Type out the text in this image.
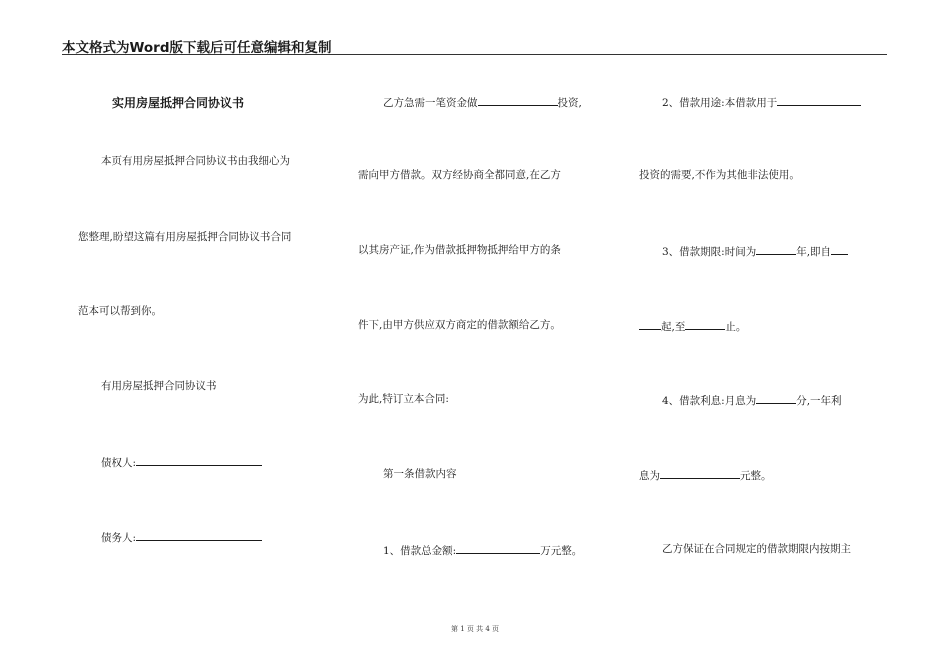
本文格式为Word版下载后可任意编辑和复制
实用房屋抵押合同协议书
本页有用房屋抵押合同协议书由我细心为
您整理,盼望这篇有用房屋抵押合同协议书合同
范本可以帮到你。
有用房屋抵押合同协议书
债权人:
债务人:
乙方急需一笔资金做	投资,
需向甲方借款。双方经协商全都同意,在乙方
以其房产证,作为借款抵押物抵押给甲方的条
件下,由甲方供应双方商定的借款额给乙方。
为此,特订立本合同:
第一条借款内容
1、借款总金额:	万元整。
2、借款用途:本借款用于
投资的需要,不作为其他非法使用。
3、借款期限:时间为	年,即自
起,至	止。
4、借款利息:月息为	分,一年利
息为	元整。
乙方保证在合同规定的借款期限内按期主
第 1 页 共 4 页
